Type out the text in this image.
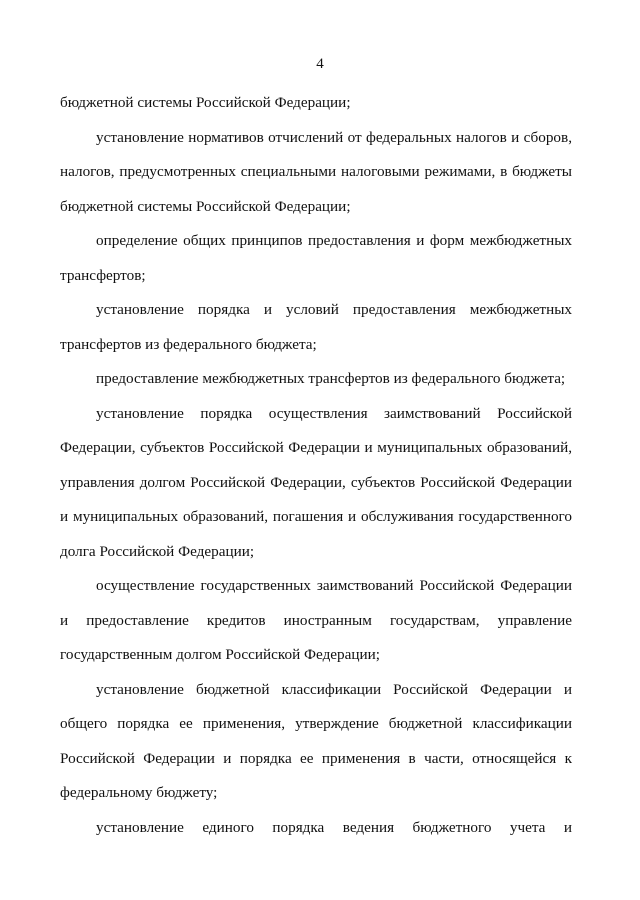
4

бюджетной системы Российской Федерации;

установление нормативов отчислений от федеральных налогов и сборов, налогов, предусмотренных специальными налоговыми режимами, в бюджеты бюджетной системы Российской Федерации;

определение общих принципов предоставления и форм межбюджетных трансфертов;

установление порядка и условий предоставления межбюджетных трансфертов из федерального бюджета;

предоставление межбюджетных трансфертов из федерального бюджета;

установление порядка осуществления заимствований Российской Федерации, субъектов Российской Федерации и муниципальных образований, управления долгом Российской Федерации, субъектов Российской Федерации и муниципальных образований, погашения и обслуживания государственного долга Российской Федерации;

осуществление государственных заимствований Российской Федерации и предоставление кредитов иностранным государствам, управление государственным долгом Российской Федерации;

установление бюджетной классификации Российской Федерации и общего порядка ее применения, утверждение бюджетной классификации Российской Федерации и порядка ее применения в части, относящейся к федеральному бюджету;

установление единого порядка ведения бюджетного учета и
